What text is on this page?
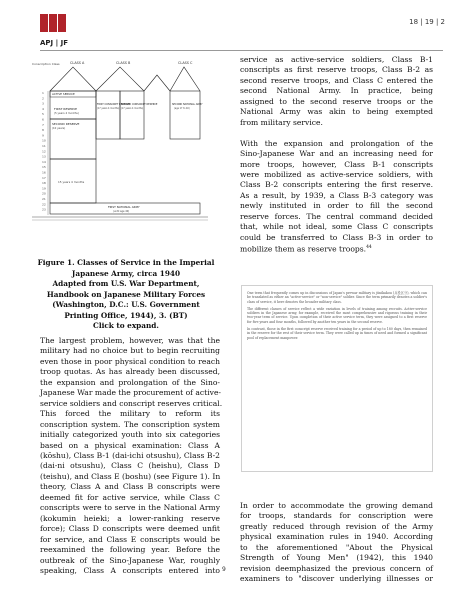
APJ | JF
18 | 19 | 2
1
2
3
4
5
6
7
8
9
10
11
12
13
14
15
16
17
18
19
20
21
22
23
Conscription Class	CLASS A	CLASS B	CLASS C
ACTIVE SERVICE
FIRST RESERVE
(5 years 4 months)
FIRST CONSCRIPT RESERVE
(17 years 4 months)
SECOND CONSCRIPT RESERVE
(17 years 4 months)
SECOND NATIONAL ARMY
(age 17 to 40)
SECOND RESERVE
(10 years)
15 years 4 months
FIRST NATIONAL ARMY
(until age 40)
Figure 1. Classes of Service in the Imperial
Japanese Army, circa 1940
Adapted from U.S. War Department,
Handbook on Japanese Military Forces
(Washington, D.C.: U.S. Government
Printing Office, 1944), 3. (BT)
Click to expand.
The largest problem, however, was that the
military had no choice but to begin recruiting
even those in poor physical condition to reach
troop quotas. As has already been discussed,
the expansion and prolongation of the Sino-
Japanese War made the procurement of active-
service soldiers and conscript reserves critical.
This forced the military to reform its
conscription system. The conscription system
initially categorized youth into six categories
based on a physical examination: Class A
(kōshu), Class B-1 (dai-ichi otsushu), Class B-2
(dai-ni otsushu), Class C (heishu), Class D
(teishu), and Class E (boshu) (see Figure 1). In
theory, Class A and Class B conscripts were
deemed fit for active service, while Class C
conscripts were to serve in the National Army
(kokumin heieki; a lower-ranking reserve
force); Class D conscripts were deemed unfit
for service, and Class E conscripts would be
reexamined the following year. Before the
outbreak of the Sino-Japanese War, roughly
speaking, Class A conscripts entered into
service as active-service soldiers, Class B-1
conscripts as first reserve troops, Class B-2 as
second reserve troops, and Class C entered the
second National Army. In practice, being
assigned to the second reserve troops or the
National Army was akin to being exempted
from military service.
With the expansion and prolongation of the
Sino-Japanese War and an increasing need for
more troops, however, Class B-1 conscripts
were mobilized as active-service soldiers, with
Class B-2 conscripts entering the first reserve.
As a result, by 1939, a Class B-3 category was
newly instituted in order to fill the second
reserve forces. The central command decided
that, while not ideal, some Class C conscripts
could be transferred to Class B-3 in order to
mobilize them as reserve troops.$^{44}$

One term that frequently comes up in discussions of Japan's prewar military is jūnikakou (兵役区分), which can be translated as either an "active-service" or "non-service" soldier. Since the term primarily denotes a soldier's class of service, it here denotes the broader military class.

The different classes of service reflect a wide variation in levels of training among recruits. Active-service soldiers in the Japanese army, for example, received the most comprehensive and rigorous training in their two-year term of service. Upon completion of their active service term, they were assigned to a first reserve for five years and four months, followed by another ten years in the second reserve.

In contrast, those in the first conscript reserve received training for a period of up to 180 days, then remained in the reserve for the rest of their service term. They were called up in times of need and formed a significant pool of replacement manpower.

In order to accommodate the growing demand
for troops, standards for conscription were
greatly reduced through revision of the Army
physical examination rules in 1940. According
to the aforementioned "About the Physical
Strength of Young Men" (1942), this 1940
revision deemphasized the previous concern of
examiners to "discover underlying illnesses or
9
